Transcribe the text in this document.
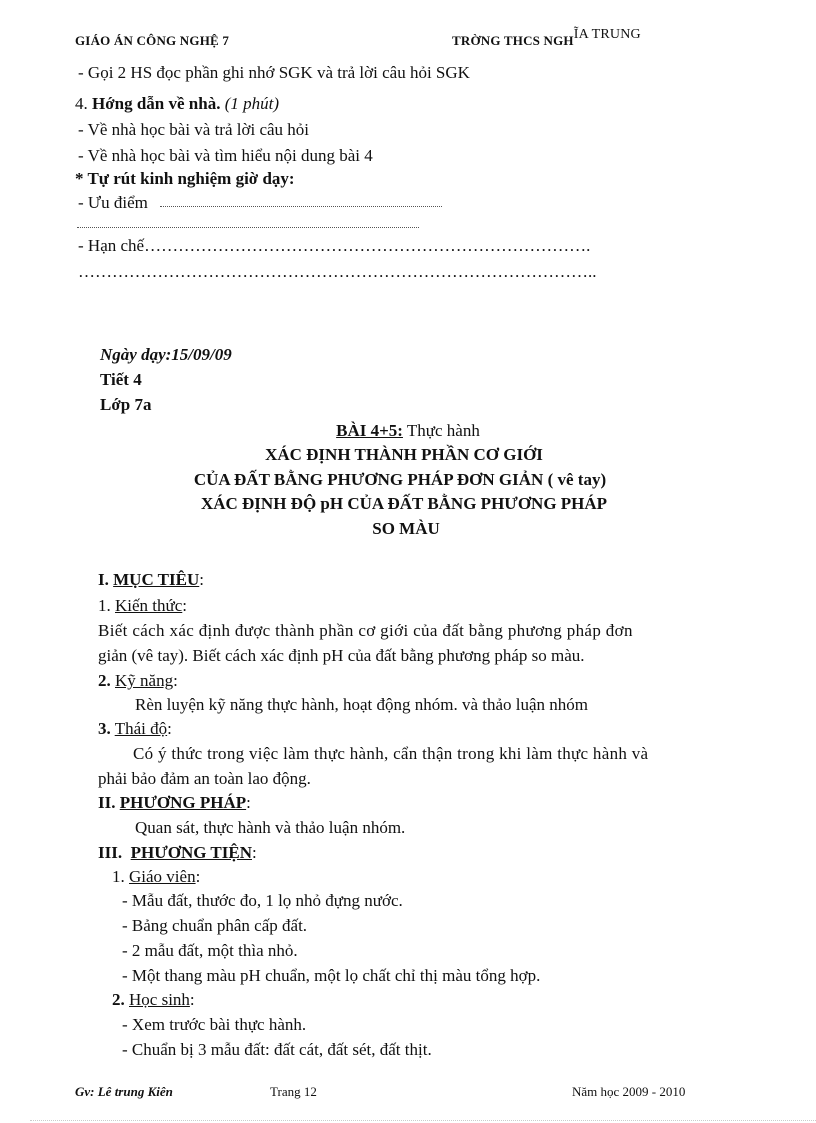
GIÁO ÁN CÔNG NGHỆ 7	TRỜNG THCS NGHĨA TRUNG
- Gọi 2 HS đọc phần ghi nhớ SGK và trả lời câu hỏi SGK
4. Hớng dẫn về nhà. (1 phút)
- Về nhà học bài và trả lời câu hỏi
- Về nhà học bài và tìm hiểu nội dung bài 4
* Tự rút kinh nghiệm giờ dạy:
- Ưu điểm
- Hạn chế…………………………………………………………………….
………………………………………………………………………………..
Ngày dạy:15/09/09
Tiết 4
Lớp 7a
BÀI 4+5: Thực hành
XÁC ĐỊNH THÀNH PHẦN CƠ GIỚI
CỦA ĐẤT BẰNG PHƯƠNG PHÁP ĐƠN GIẢN ( vê tay)
XÁC ĐỊNH ĐỘ pH CỦA ĐẤT BẰNG PHƯƠNG PHÁP
SO MÀU
I. MỤC TIÊU:
1. Kiến thức:
Biết cách xác định được thành phần cơ giới của đất bằng phương pháp đơn
giản (vê tay). Biết cách xác định pH của đất bằng phương pháp so màu.
2. Kỹ năng:
Rèn luyện kỹ năng thực hành, hoạt động nhóm. và thảo luận nhóm
3. Thái độ:
Có ý thức trong việc làm thực hành, cẩn thận trong khi làm thực hành và
phải bảo đảm an toàn lao động.
II. PHƯƠNG PHÁP:
Quan sát, thực hành và thảo luận nhóm.
III. PHƯƠNG TIỆN:
1. Giáo viên:
- Mẫu đất, thước đo, 1 lọ nhỏ đựng nước.
- Bảng chuẩn phân cấp đất.
- 2 mẫu đất, một thìa nhỏ.
- Một thang màu pH chuẩn, một lọ chất chỉ thị màu tổng hợp.
2. Học sinh:
- Xem trước bài thực hành.
- Chuẩn bị 3 mẫu đất: đất cát, đất sét, đất thịt.
Gv: Lê trung Kiên	Trang 12	Năm học 2009 - 2010
